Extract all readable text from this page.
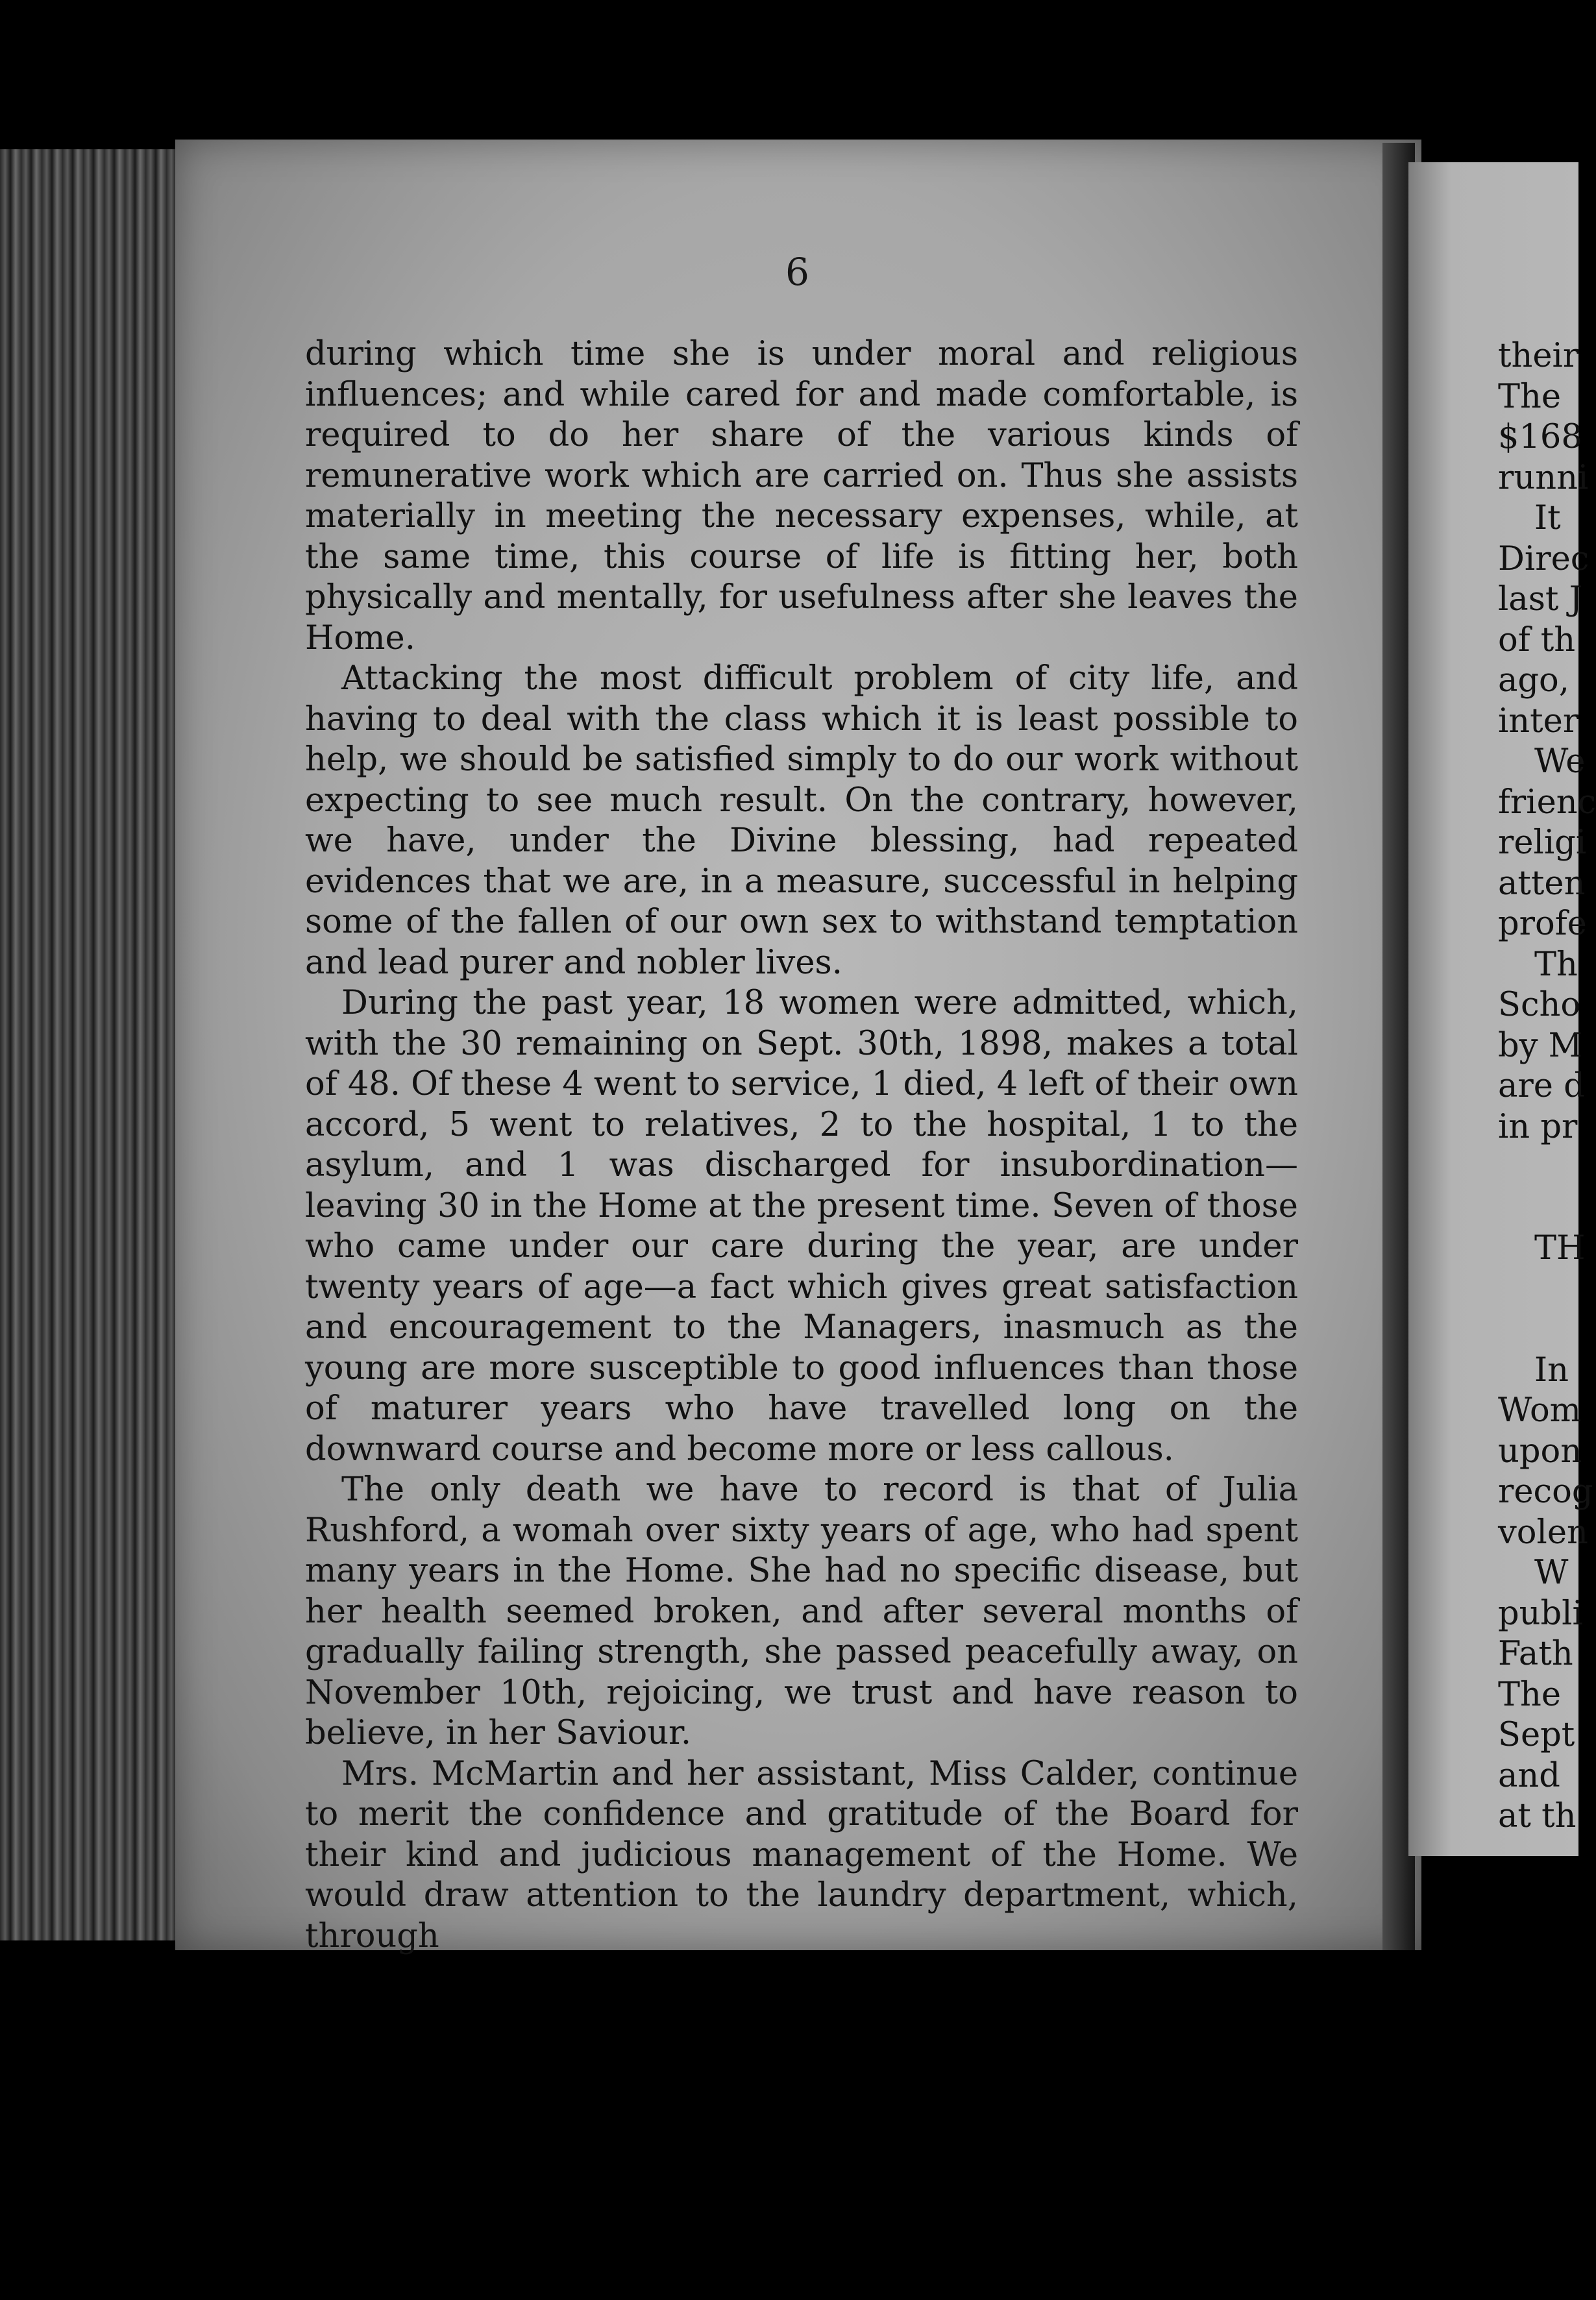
6

during which time she is under moral and religious influences; and while cared for and made comfortable, is required to do her share of the various kinds of remunerative work which are carried on. Thus she assists materially in meeting the necessary expenses, while, at the same time, this course of life is fitting her, both physically and mentally, for usefulness after she leaves the Home.

Attacking the most difficult problem of city life, and having to deal with the class which it is least possible to help, we should be satisfied simply to do our work without expecting to see much result. On the contrary, however, we have, under the Divine blessing, had repeated evidences that we are, in a measure, successful in helping some of the fallen of our own sex to withstand temptation and lead purer and nobler lives.

During the past year, 18 women were admitted, which, with the 30 remaining on Sept. 30th, 1898, makes a total of 48. Of these 4 went to service, 1 died, 4 left of their own accord, 5 went to relatives, 2 to the hospital, 1 to the asylum, and 1 was discharged for insubordination—leaving 30 in the Home at the present time. Seven of those who came under our care during the year, are under twenty years of age—a fact which gives great satisfaction and encouragement to the Managers, inasmuch as the young are more susceptible to good influences than those of maturer years who have travelled long on the downward course and become more or less callous.

The only death we have to record is that of Julia Rushford, a womah over sixty years of age, who had spent many years in the Home. She had no specific disease, but her health seemed broken, and after several months of gradually failing strength, she passed peacefully away, on November 10th, rejoicing, we trust and have reason to believe, in her Saviour.

Mrs. McMartin and her assistant, Miss Calder, continue to merit the confidence and gratitude of the Board for their kind and judicious management of the Home. We would draw attention to the laundry department, which, through

their
The
$168
runni
It
Direc
last J
of th
ago,
inter
We
frienc
religi
atten
profe
Th
Scho
by M
are d
in pr
TH
In
Wom
upon
recog
volen
W
publi
Fath
The
Sept
and
at th
